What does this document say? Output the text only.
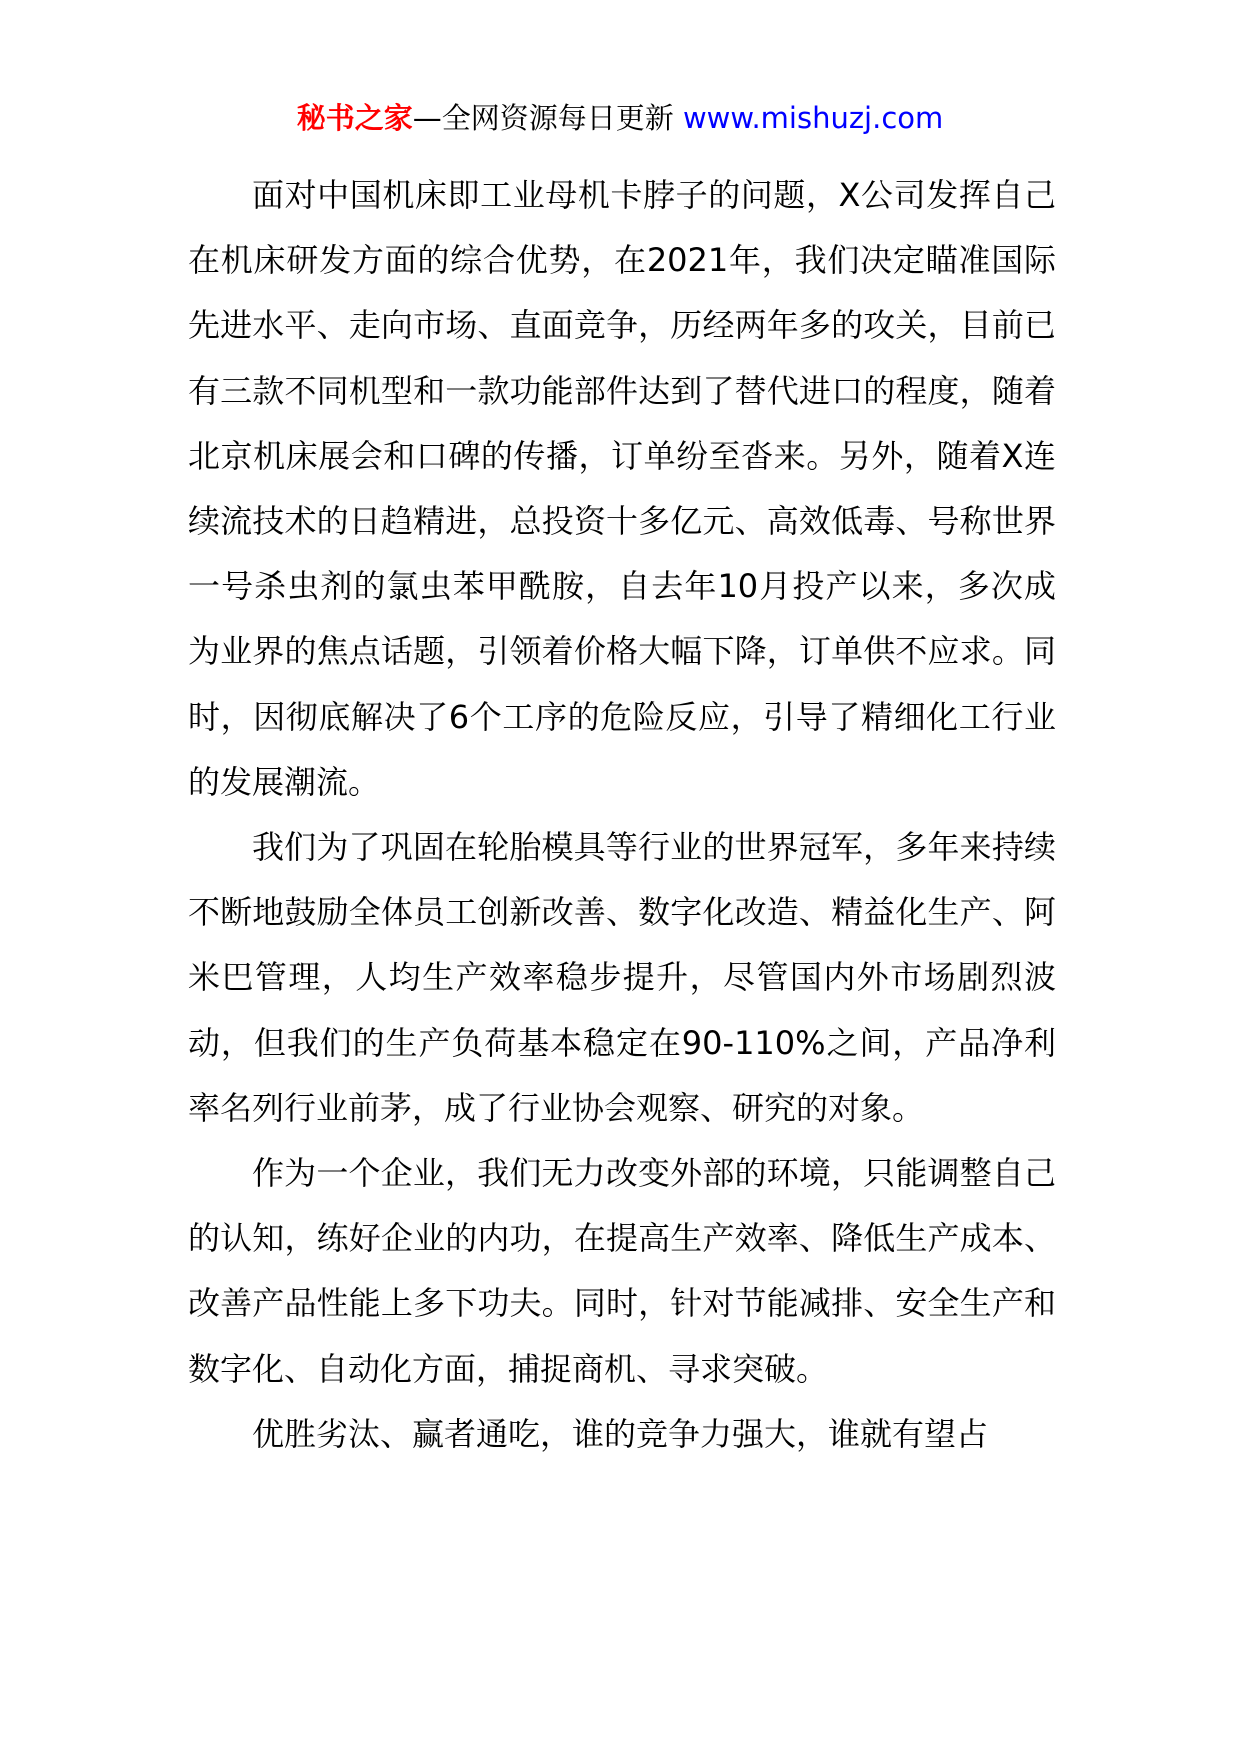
秘书之家—全网资源每日更新 www.mishuzj.com

面对中国机床即工业母机卡脖子的问题，X公司发挥自己在机床研发方面的综合优势，在2021年，我们决定瞄准国际先进水平、走向市场、直面竞争，历经两年多的攻关，目前已有三款不同机型和一款功能部件达到了替代进口的程度，随着北京机床展会和口碑的传播，订单纷至沓来。另外，随着X连续流技术的日趋精进，总投资十多亿元、高效低毒、号称世界一号杀虫剂的氯虫苯甲酰胺，自去年10月投产以来，多次成为业界的焦点话题，引领着价格大幅下降，订单供不应求。同时，因彻底解决了6个工序的危险反应，引导了精细化工行业的发展潮流。

我们为了巩固在轮胎模具等行业的世界冠军，多年来持续不断地鼓励全体员工创新改善、数字化改造、精益化生产、阿米巴管理，人均生产效率稳步提升，尽管国内外市场剧烈波动，但我们的生产负荷基本稳定在90-110%之间，产品净利率名列行业前茅，成了行业协会观察、研究的对象。

作为一个企业，我们无力改变外部的环境，只能调整自己的认知，练好企业的内功，在提高生产效率、降低生产成本、改善产品性能上多下功夫。同时，针对节能减排、安全生产和数字化、自动化方面，捕捉商机、寻求突破。

优胜劣汰、赢者通吃，谁的竞争力强大，谁就有望占
